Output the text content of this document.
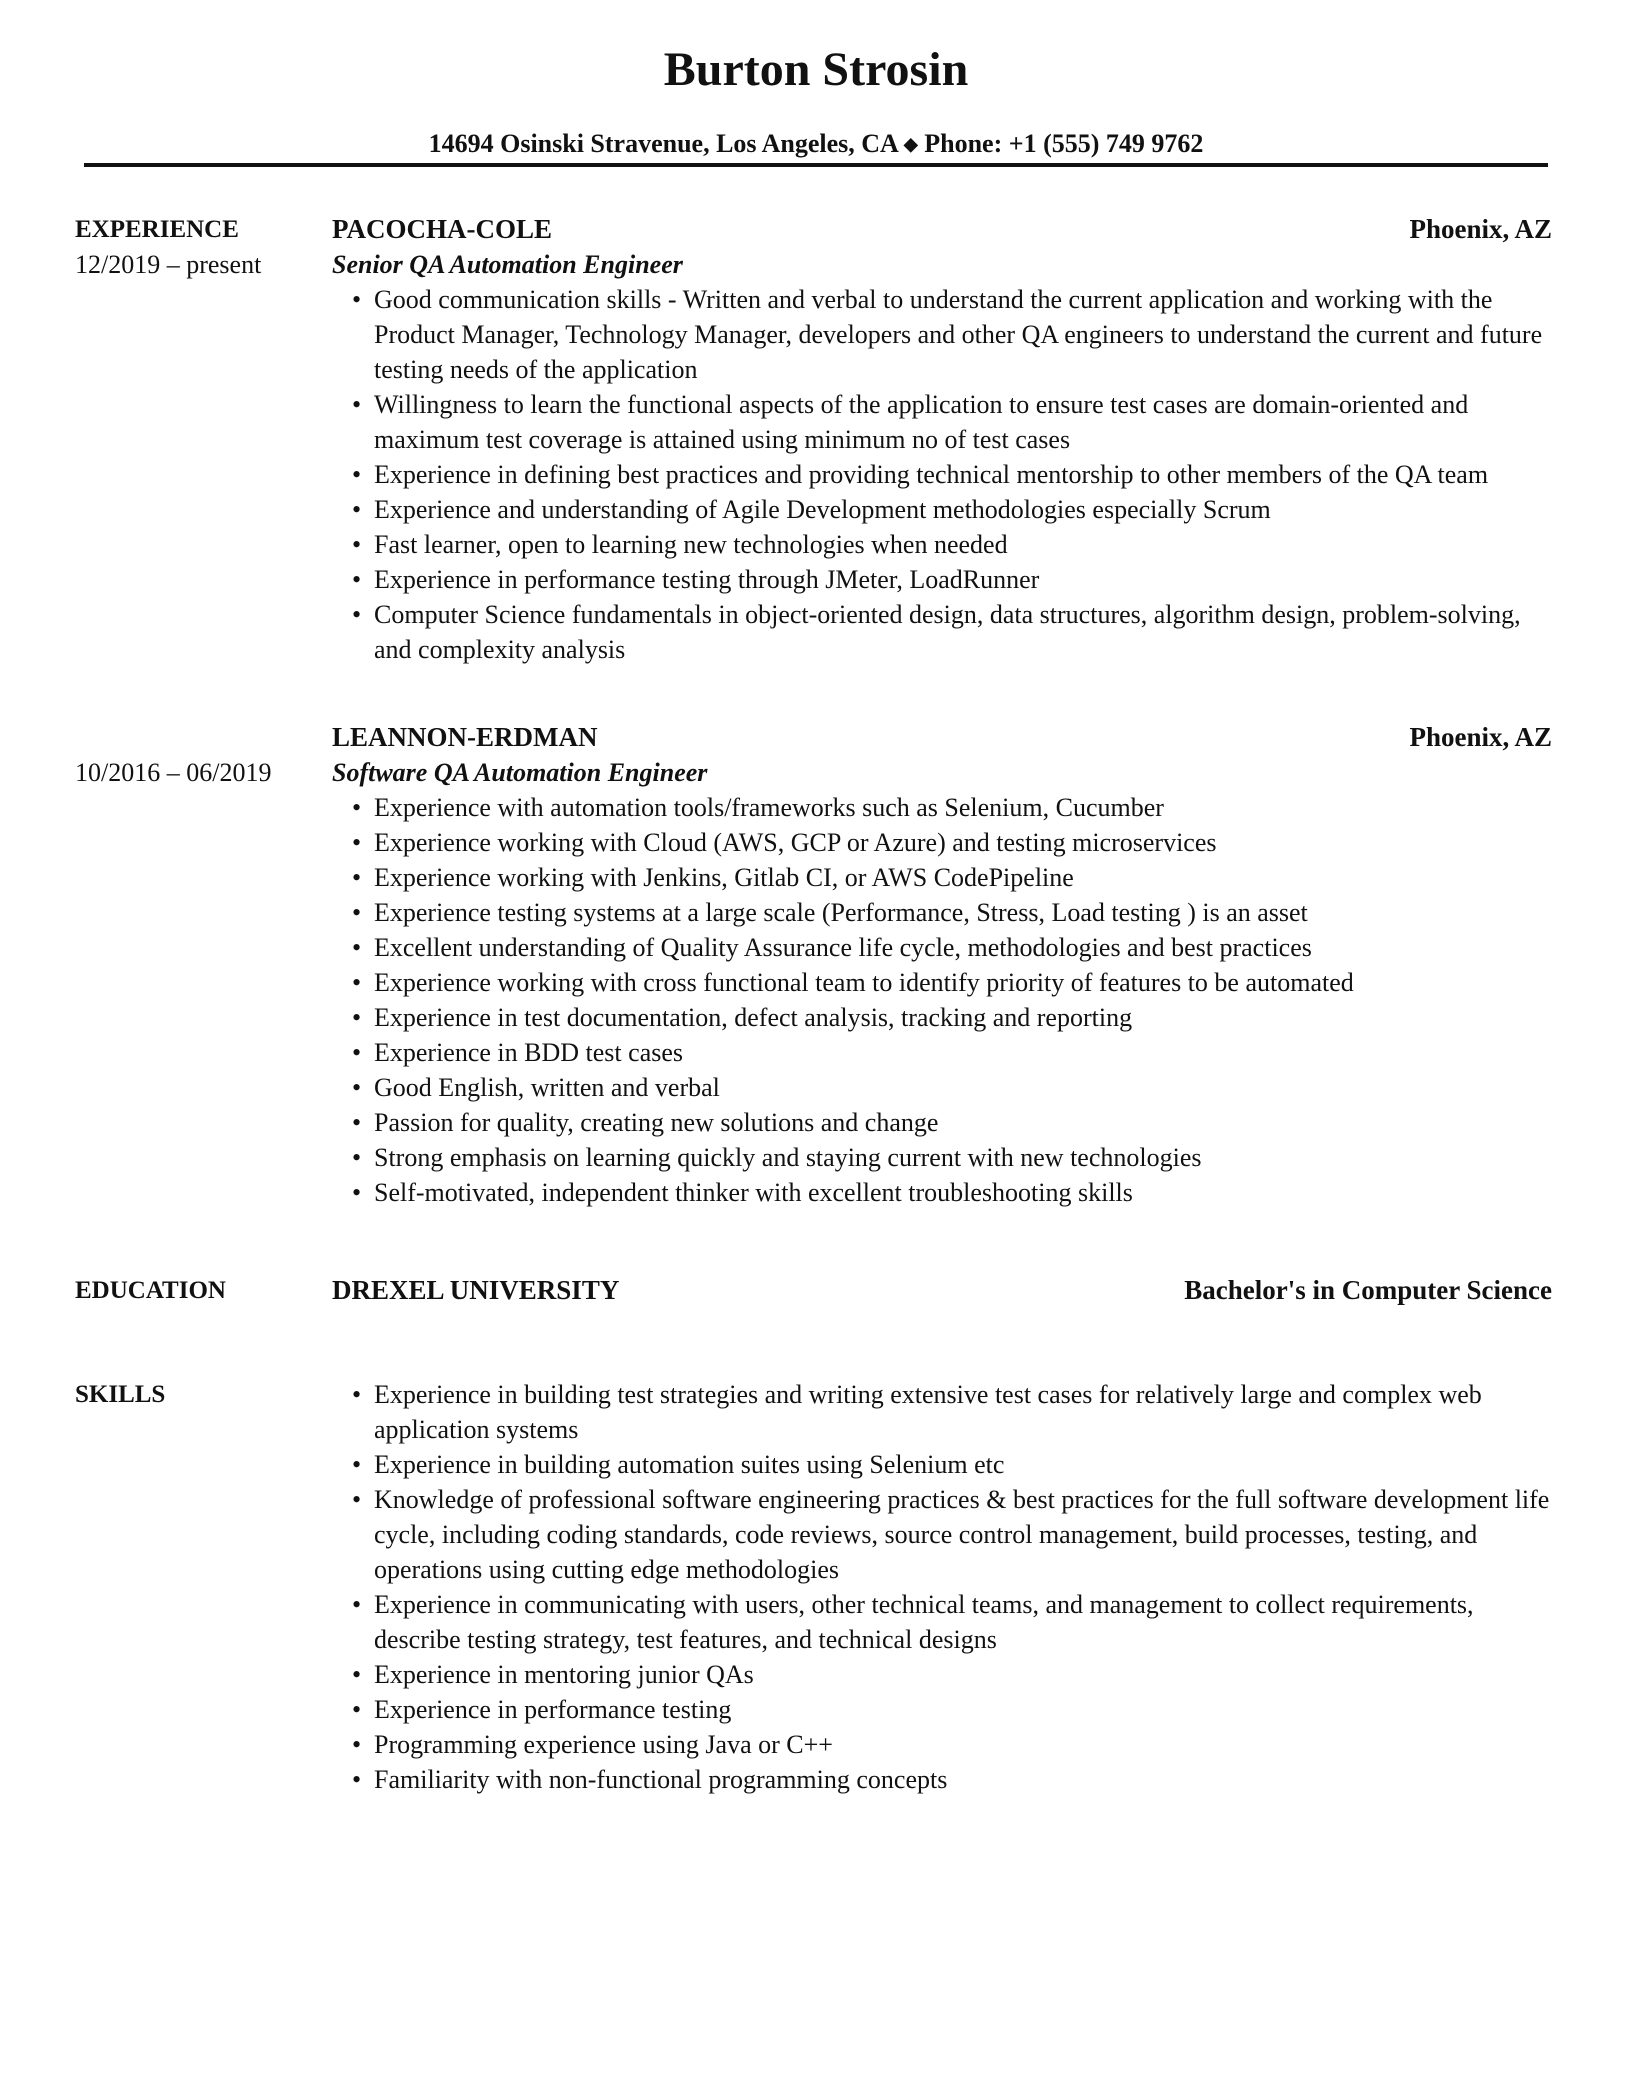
Burton Strosin
14694 Osinski Stravenue, Los Angeles, CA ◆ Phone: +1 (555) 749 9762
EXPERIENCE
12/2019 – present
PACOCHA-COLE	Phoenix, AZ
Senior QA Automation Engineer
• Good communication skills - Written and verbal to understand the current application and working with the Product Manager, Technology Manager, developers and other QA engineers to understand the current and future testing needs of the application
• Willingness to learn the functional aspects of the application to ensure test cases are domain-oriented and maximum test coverage is attained using minimum no of test cases
• Experience in defining best practices and providing technical mentorship to other members of the QA team
• Experience and understanding of Agile Development methodologies especially Scrum
• Fast learner, open to learning new technologies when needed
• Experience in performance testing through JMeter, LoadRunner
• Computer Science fundamentals in object-oriented design, data structures, algorithm design, problem-solving, and complexity analysis

10/2016 – 06/2019
LEANNON-ERDMAN	Phoenix, AZ
Software QA Automation Engineer
• Experience with automation tools/frameworks such as Selenium, Cucumber
• Experience working with Cloud (AWS, GCP or Azure) and testing microservices
• Experience working with Jenkins, Gitlab CI, or AWS CodePipeline
• Experience testing systems at a large scale (Performance, Stress, Load testing ) is an asset
• Excellent understanding of Quality Assurance life cycle, methodologies and best practices
• Experience working with cross functional team to identify priority of features to be automated
• Experience in test documentation, defect analysis, tracking and reporting
• Experience in BDD test cases
• Good English, written and verbal
• Passion for quality, creating new solutions and change
• Strong emphasis on learning quickly and staying current with new technologies
• Self-motivated, independent thinker with excellent troubleshooting skills
EDUCATION	DREXEL UNIVERSITY	Bachelor's in Computer Science
SKILLS	• Experience in building test strategies and writing extensive test cases for relatively large and complex web application systems
• Experience in building automation suites using Selenium etc
• Knowledge of professional software engineering practices & best practices for the full software development life cycle, including coding standards, code reviews, source control management, build processes, testing, and operations using cutting edge methodologies
• Experience in communicating with users, other technical teams, and management to collect requirements, describe testing strategy, test features, and technical designs
• Experience in mentoring junior QAs
• Experience in performance testing
• Programming experience using Java or C++
• Familiarity with non-functional programming concepts
